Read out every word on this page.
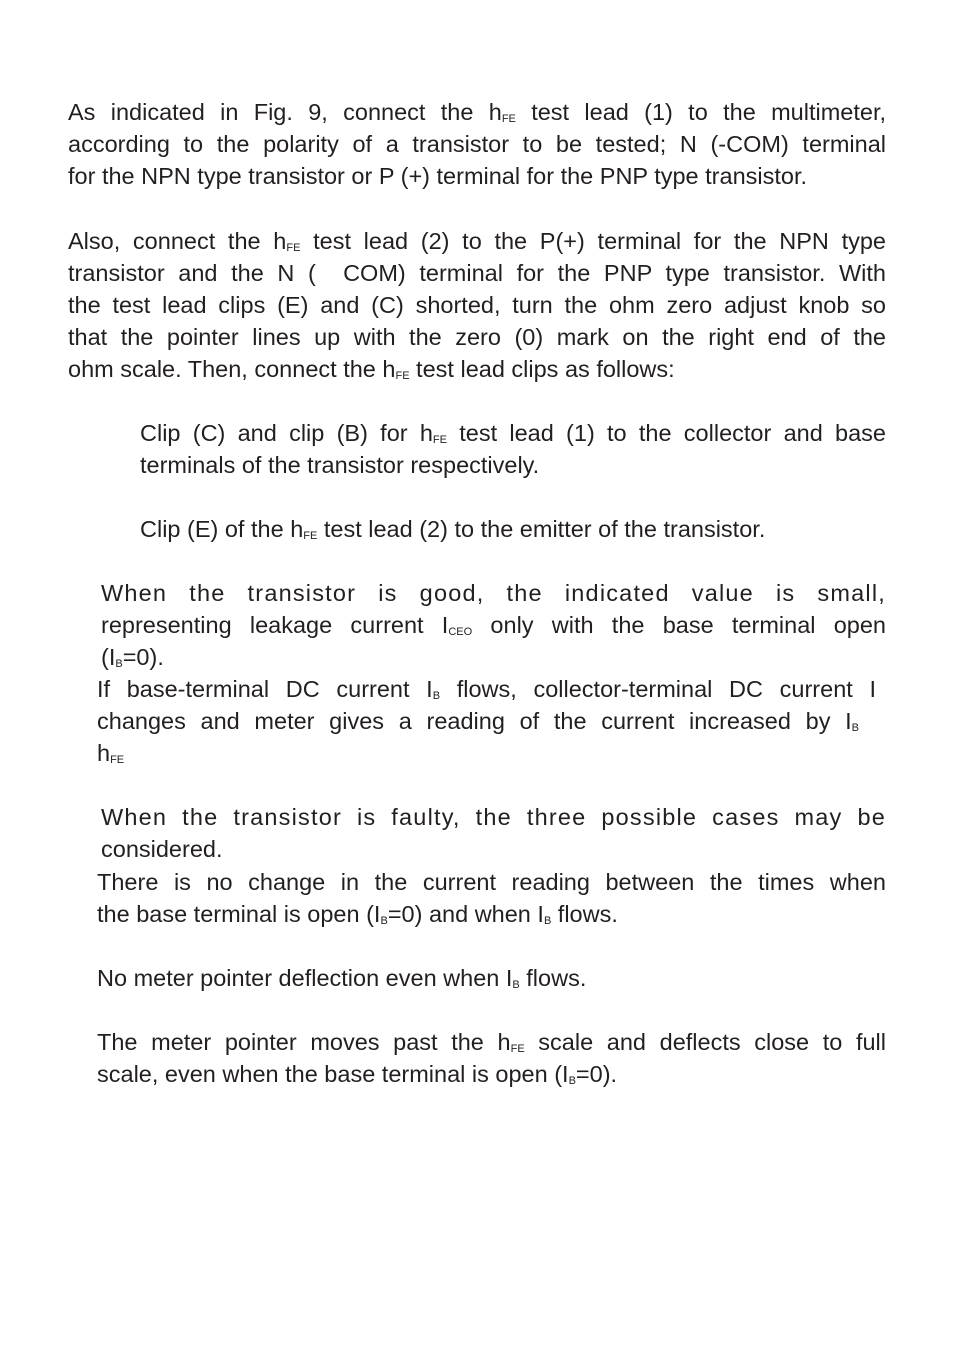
As indicated in Fig. 9, connect the $h_{FE}$ test lead (1) to the multimeter,
according to the polarity of a transistor to be tested; N (-COM) terminal
for the NPN type transistor or P (+) terminal for the PNP type transistor.
Also, connect the $h_{FE}$ test lead (2) to the P(+) terminal for the NPN type
transistor and the N (  COM) terminal for the PNP type transistor. With
the test lead clips (E) and (C) shorted, turn the ohm zero adjust knob so
that the pointer lines up with the zero (0) mark on the right end of the
ohm scale. Then, connect the $h_{FE}$ test lead clips as follows:
Clip (C) and clip (B) for $h_{FE}$ test lead (1) to the collector and base
terminals of the transistor respectively.
Clip (E) of the $h_{FE}$ test lead (2) to the emitter of the transistor.
When the transistor is good, the indicated value is small,
representing leakage current $I_{CEO}$ only with the base terminal open
$(I_B=0)$.
If base-terminal DC current $I_B$ flows, collector-terminal DC current I
changes and meter gives a reading of the current increased by $I_B$
$h_{FE}$
When the transistor is faulty, the three possible cases may be
considered.
There is no change in the current reading between the times when
the base terminal is open $(I_B=0)$ and when $I_B$ flows.
No meter pointer deflection even when $I_B$ flows.
The meter pointer moves past the $h_{FE}$ scale and deflects close to full
scale, even when the base terminal is open $(I_B=0)$.
